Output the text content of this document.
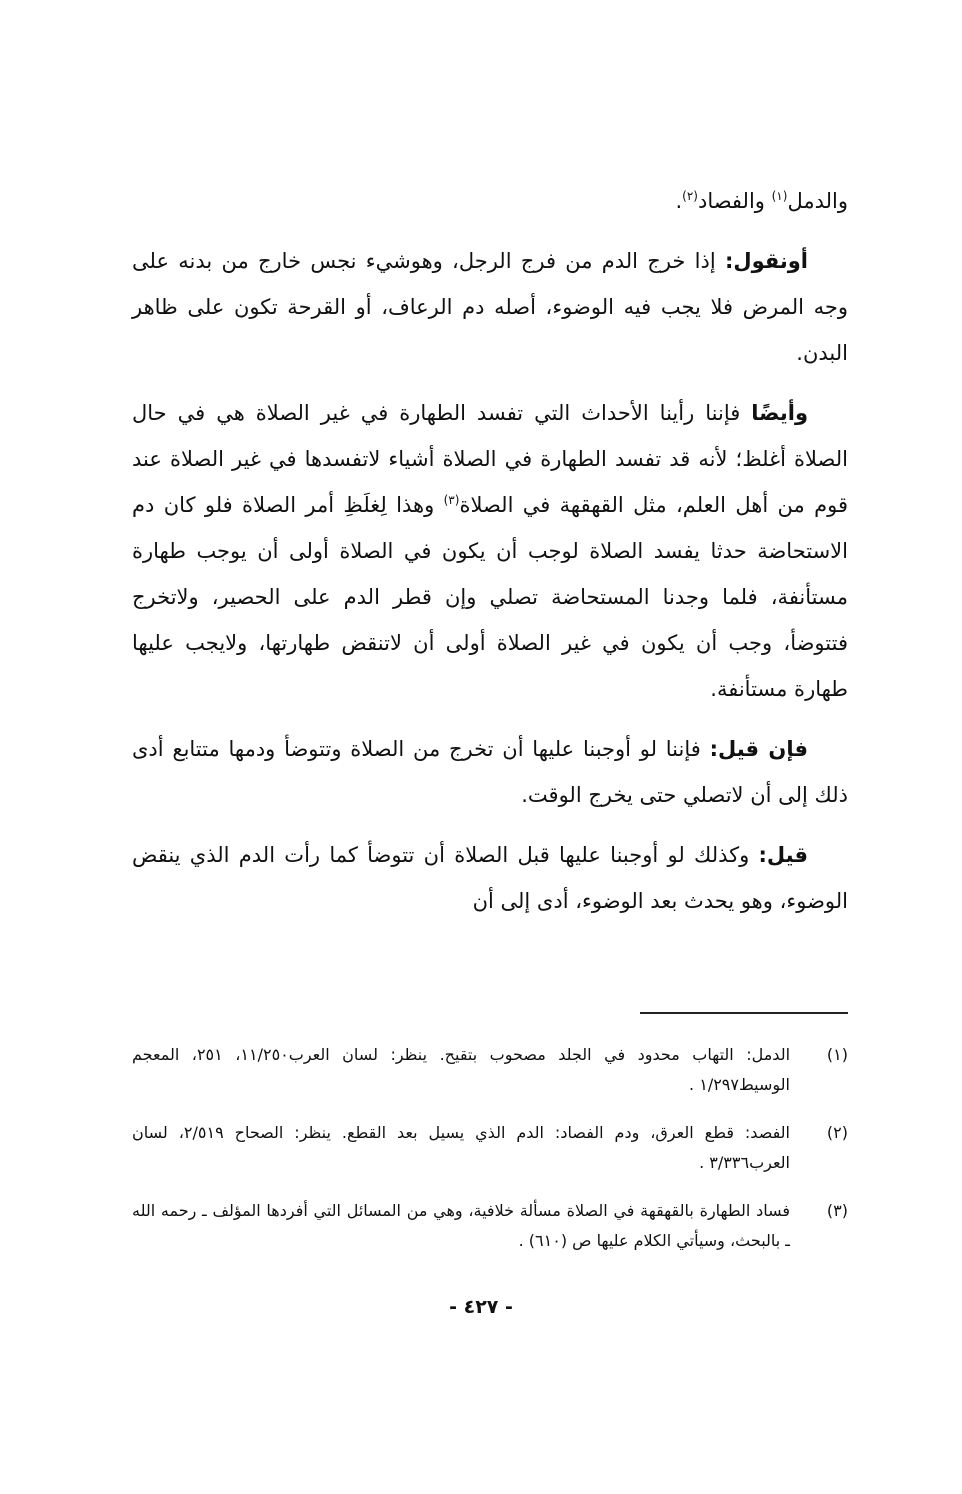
والدمل$^{(١)}$ والفصاد$^{(٢)}$.

أونقول: إذا خرج الدم من فرج الرجل، وهوشيء نجس خارج من بدنه على وجه المرض فلا يجب فيه الوضوء، أصله دم الرعاف، أو القرحة تكون على ظاهر البدن.

وأيضًا فإننا رأينا الأحداث التي تفسد الطهارة في غير الصلاة هي في حال الصلاة أغلظ؛ لأنه قد تفسد الطهارة في الصلاة أشياء لاتفسدها في غير الصلاة عند قوم من أهل العلم، مثل القهقهة في الصلاة$^{(٣)}$ وهذا لِغلَظِ أمر الصلاة فلو كان دم الاستحاضة حدثا يفسد الصلاة لوجب أن يكون في الصلاة أولى أن يوجب طهارة مستأنفة، فلما وجدنا المستحاضة تصلي وإن قطر الدم على الحصير، ولاتخرج فتتوضأ، وجب أن يكون في غير الصلاة أولى أن لاتنقض طهارتها، ولايجب عليها طهارة مستأنفة.

فإن قيل: فإننا لو أوجبنا عليها أن تخرج من الصلاة وتتوضأ ودمها متتابع أدى ذلك إلى أن لاتصلي حتى يخرج الوقت.

قيل: وكذلك لو أوجبنا عليها قبل الصلاة أن تتوضأ كما رأت الدم الذي ينقض الوضوء، وهو يحدث بعد الوضوء، أدى إلى أن

(١)
الدمل: التهاب محدود في الجلد مصحوب بتقيح. ينظر: لسان العرب١١/٢٥٠، ٢٥١، المعجم الوسيط١/٢٩٧ .
(٢)
الفصد: قطع العرق، ودم الفصاد: الدم الذي يسيل بعد القطع. ينظر: الصحاح ٢/٥١٩، لسان العرب٣/٣٣٦ .
(٣)
فساد الطهارة بالقهقهة في الصلاة مسألة خلافية، وهي من المسائل التي أفردها المؤلف ـ رحمه الله ـ بالبحث، وسيأتي الكلام عليها ص (٦١٠) .
- ٤٢٧ -
